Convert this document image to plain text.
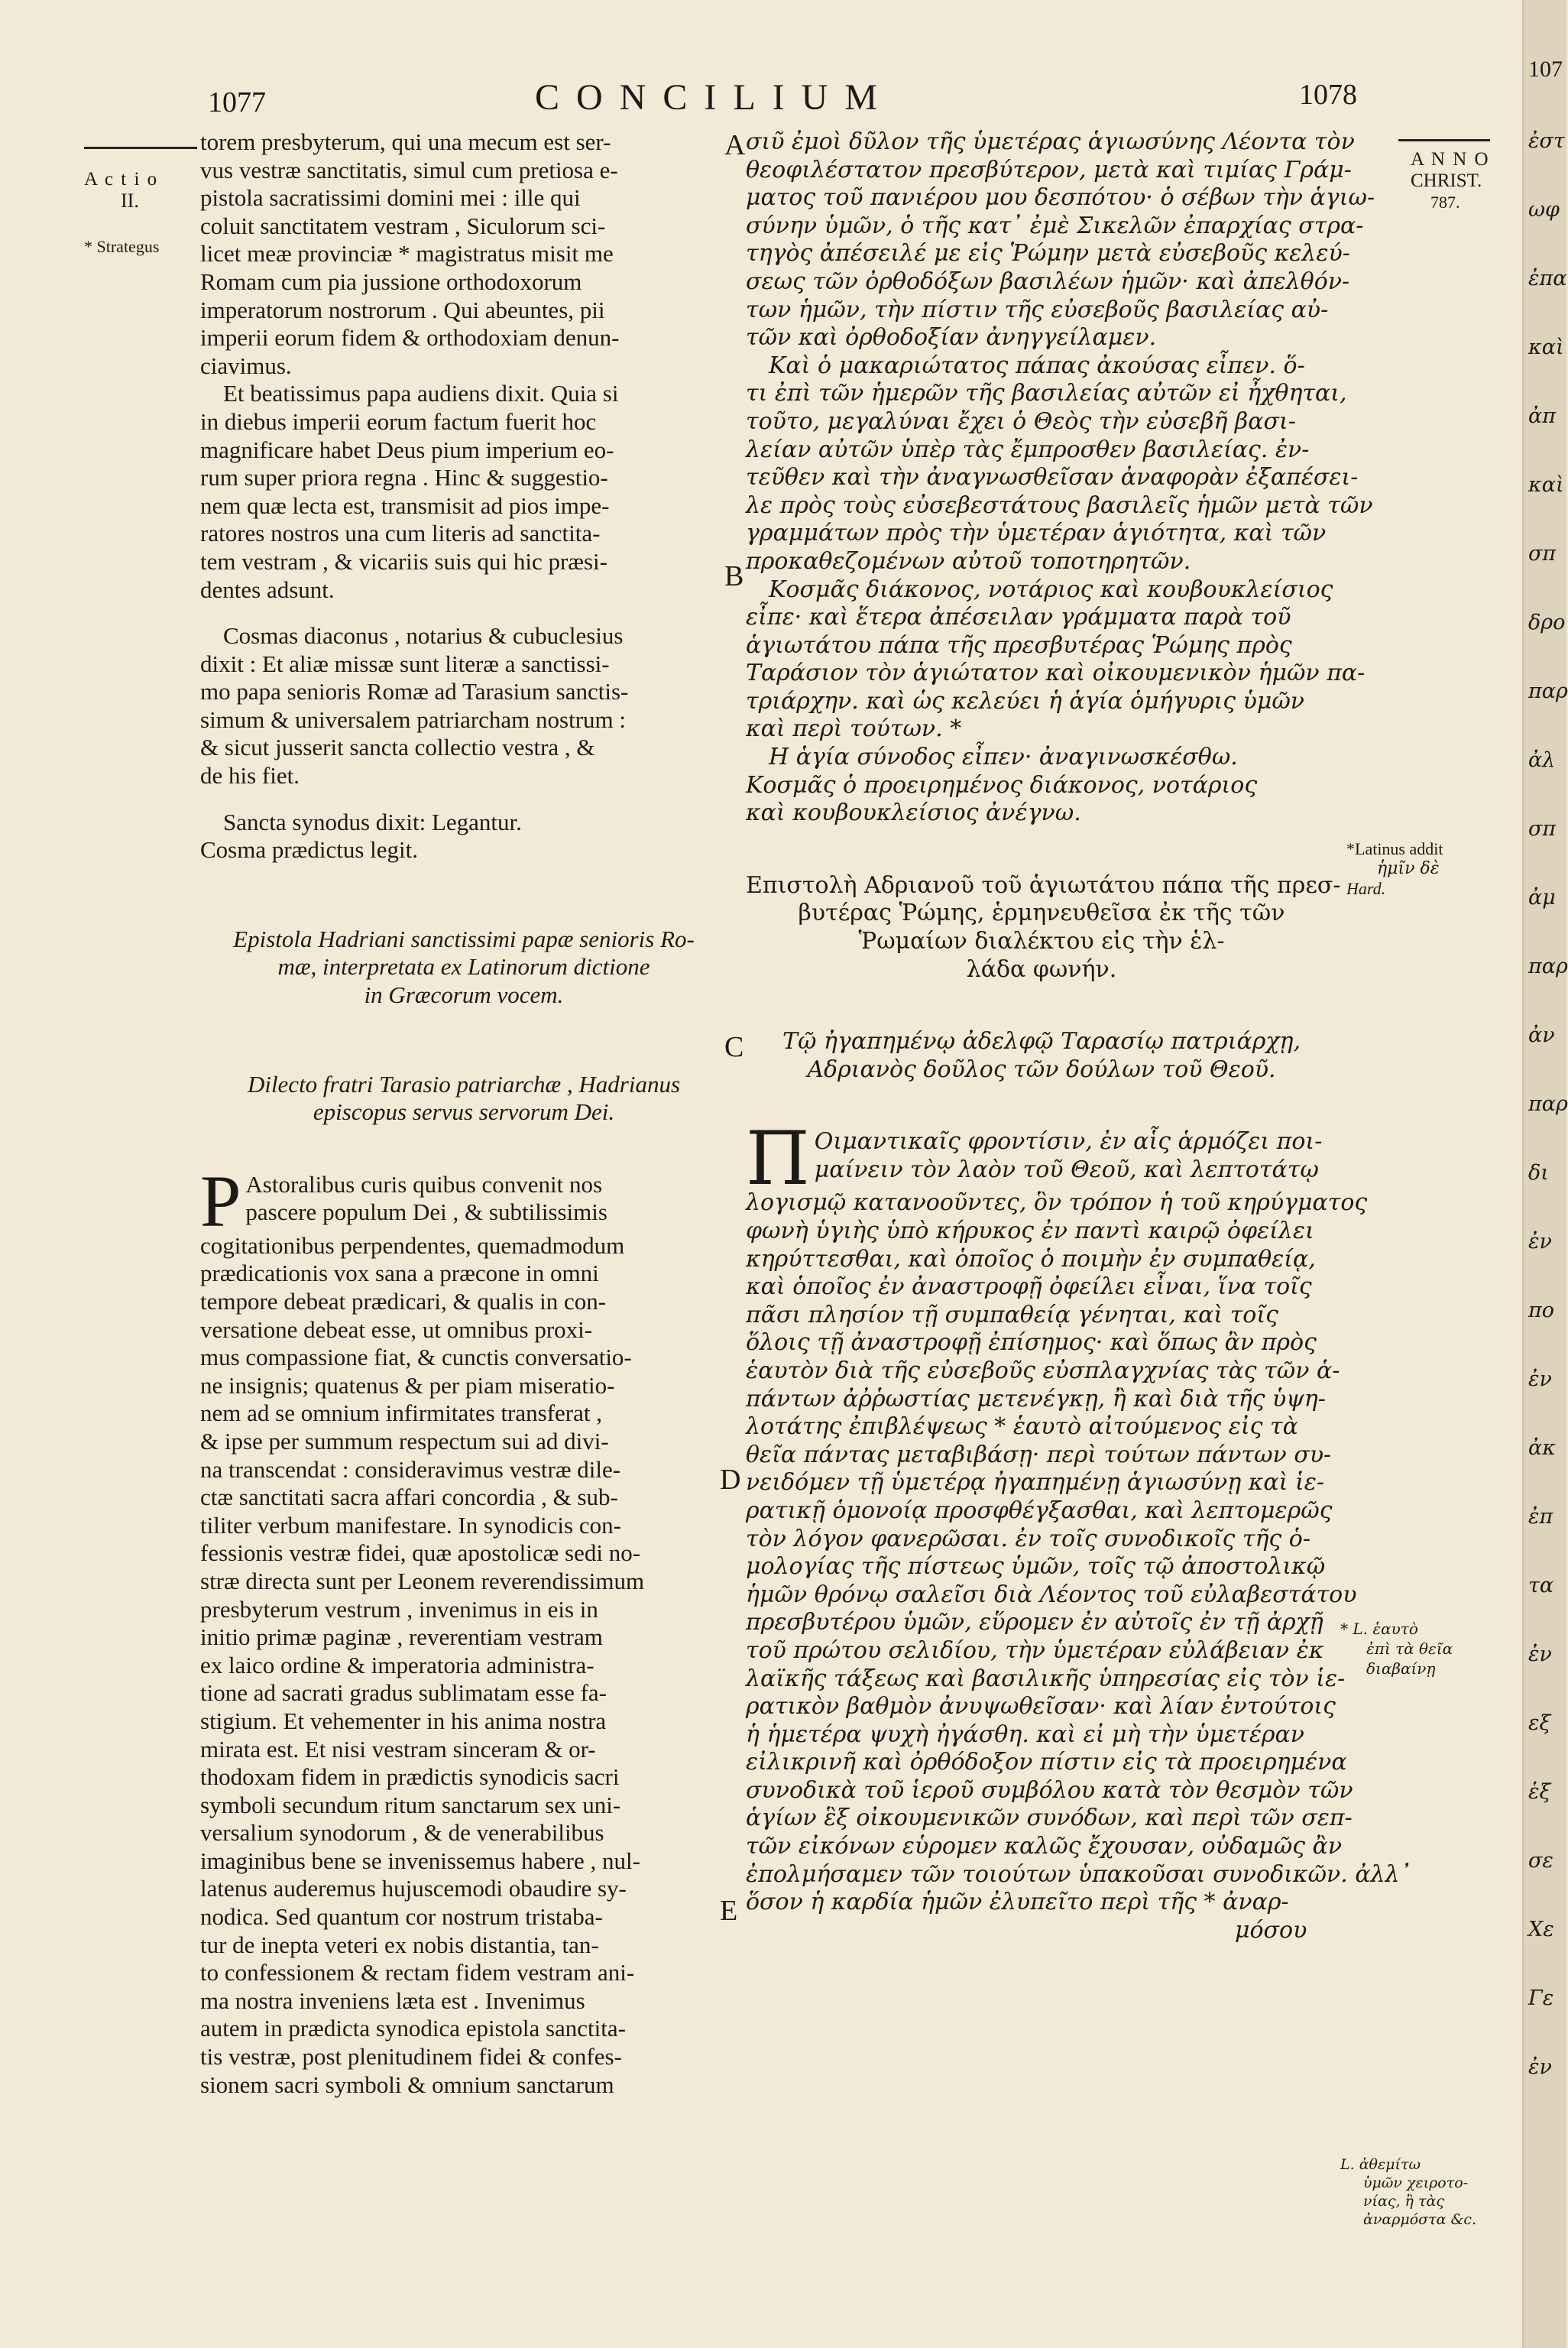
107
ἐστ
ωφ
ἐπα
καὶ
ἀπ
καὶ
σπ
δρο
παρ
ἀλ
σπ
ἀμ
παρ
ἀν
παρ
δι
ἐν
πο
ἐν
ἀκ
ἐπ
τα
ἐν
εξ
ἑξ
σε
Χε
Γε
ἐν
1077	CONCILIUM	1078
A c t i o
II.
* Strategus
A N N O
CHRIST.
787.
*Latinus addit
ἡμῖν δὲ
Hard.
* L. ἑαυτὸ
ἐπὶ τὰ θεῖα
διαβαίνῃ
L. ἀθεμίτω
ὑμῶν χειροτο-
νίας, ἢ τὰς
ἀναρμόστα &c.
A
B
C
D
E
torem presbyterum, qui una mecum est ser-
vus vestræ sanctitatis, simul cum pretiosa e-
pistola sacratissimi domini mei : ille qui
coluit sanctitatem vestram , Siculorum sci-
licet meæ provinciæ * magistratus misit me
Romam cum pia jussione orthodoxorum
imperatorum nostrorum . Qui abeuntes, pii
imperii eorum fidem & orthodoxiam denun-
ciavimus.
Et beatissimus papa audiens dixit. Quia si
in diebus imperii eorum factum fuerit hoc
magnificare habet Deus pium imperium eo-
rum super priora regna . Hinc & suggestio-
nem quæ lecta est, transmisit ad pios impe-
ratores nostros una cum literis ad sanctita-
tem vestram , & vicariis suis qui hic præsi-
dentes adsunt.
Cosmas diaconus , notarius & cubuclesius
dixit : Et aliæ missæ sunt literæ a sanctissi-
mo papa senioris Romæ ad Tarasium sanctis-
simum & universalem patriarcham nostrum :
& sicut jusserit sancta collectio vestra , &
de his fiet.
Sancta synodus dixit: Legantur.
Cosma prædictus legit.
Epistola Hadriani sanctissimi papæ senioris Ro-
mæ, interpretata ex Latinorum dictione
in Græcorum vocem.
Dilecto fratri Tarasio patriarchæ , Hadrianus
episcopus servus servorum Dei.
P Astoralibus curis quibus convenit nos
pascere populum Dei , & subtilissimis
cogitationibus perpendentes, quemadmodum
prædicationis vox sana a præcone in omni
tempore debeat prædicari, & qualis in con-
versatione debeat esse, ut omnibus proxi-
mus compassione fiat, & cunctis conversatio-
ne insignis; quatenus & per piam miseratio-
nem ad se omnium infirmitates transferat ,
& ipse per summum respectum sui ad divi-
na transcendat : consideravimus vestræ dile-
ctæ sanctitati sacra affari concordia , & sub-
tiliter verbum manifestare. In synodicis con-
fessionis vestræ fidei, quæ apostolicæ sedi no-
stræ directa sunt per Leonem reverendissimum
presbyterum vestrum , invenimus in eis in
initio primæ paginæ , reverentiam vestram
ex laico ordine & imperatoria administra-
tione ad sacrati gradus sublimatam esse fa-
stigium. Et vehementer in his anima nostra
mirata est. Et nisi vestram sinceram & or-
thodoxam fidem in prædictis synodicis sacri
symboli secundum ritum sanctarum sex uni-
versalium synodorum , & de venerabilibus
imaginibus bene se invenissemus habere , nul-
latenus auderemus hujuscemodi obaudire sy-
nodica. Sed quantum cor nostrum tristaba-
tur de inepta veteri ex nobis distantia, tan-
to confessionem & rectam fidem vestram ani-
ma nostra inveniens læta est . Invenimus
autem in prædicta synodica epistola sanctita-
tis vestræ, post plenitudinem fidei & confes-
sionem sacri symboli & omnium sanctarum
σιῦ ἐμοὶ δῦλον τῆς ὑμετέρας ἁγιωσύνης Λέοντα τὸν
θεοφιλέστατον πρεσβύτερον, μετὰ καὶ τιμίας Γράμ-
ματος τοῦ πανιέρου μου δεσπότου· ὁ σέβων τὴν ἁγιω-
σύνην ὑμῶν, ὁ τῆς κατ᾽ ἐμὲ Σικελῶν ἐπαρχίας στρα-
τηγὸς ἀπέσειλέ με εἰς Ῥώμην μετὰ εὐσεβοῦς κελεύ-
σεως τῶν ὀρθοδόξων βασιλέων ἡμῶν· καὶ ἀπελθόν-
των ἡμῶν, τὴν πίστιν τῆς εὐσεβοῦς βασιλείας αὐ-
τῶν καὶ ὀρθοδοξίαν ἀνηγγείλαμεν.
Καὶ ὁ μακαριώτατος πάπας ἀκούσας εἶπεν. ὅ-
τι ἐπὶ τῶν ἡμερῶν τῆς βασιλείας αὐτῶν εἰ ἦχθηται,
τοῦτο, μεγαλύναι ἔχει ὁ Θεὸς τὴν εὐσεβῆ βασι-
λείαν αὐτῶν ὑπὲρ τὰς ἔμπροσθεν βασιλείας. ἐν-
τεῦθεν καὶ τὴν ἀναγνωσθεῖσαν ἀναφορὰν ἐξαπέσει-
λε πρὸς τοὺς εὐσεβεστάτους βασιλεῖς ἡμῶν μετὰ τῶν
γραμμάτων πρὸς τὴν ὑμετέραν ἁγιότητα, καὶ τῶν
προκαθεζομένων αὐτοῦ τοποτηρητῶν.
Κοσμᾶς διάκονος, νοτάριος καὶ κουβουκλείσιος
εἶπε· καὶ ἕτερα ἀπέσειλαν γράμματα παρὰ τοῦ
ἁγιωτάτου πάπα τῆς πρεσβυτέρας Ῥώμης πρὸς
Ταράσιον τὸν ἁγιώτατον καὶ οἰκουμενικὸν ἡμῶν πα-
τριάρχην. καὶ ὡς κελεύει ἡ ἁγία ὁμήγυρις ὑμῶν
καὶ περὶ τούτων. *
Η ἁγία σύνοδος εἶπεν· ἀναγινωσκέσθω.
Κοσμᾶς ὁ προειρημένος διάκονος, νοτάριος
καὶ κουβουκλείσιος ἀνέγνω.
Επιστολὴ Αδριανοῦ τοῦ ἁγιωτάτου πάπα τῆς πρεσ-
βυτέρας Ῥώμης, ἑρμηνευθεῖσα ἐκ τῆς τῶν
Ῥωμαίων διαλέκτου εἰς τὴν ἑλ-
λάδα φωνήν.
Τῷ ἠγαπημένῳ ἀδελφῷ Ταρασίῳ πατριάρχῃ,
Αδριανὸς δοῦλος τῶν δούλων τοῦ Θεοῦ.
Π Οιμαντικαῖς φροντίσιν, ἐν αἷς ἁρμόζει ποι-
μαίνειν τὸν λαὸν τοῦ Θεοῦ, καὶ λεπτοτάτῳ
λογισμῷ κατανοοῦντες, ὃν τρόπον ἡ τοῦ κηρύγματος
φωνὴ ὑγιὴς ὑπὸ κήρυκος ἐν παντὶ καιρῷ ὀφείλει
κηρύττεσθαι, καὶ ὁποῖος ὁ ποιμὴν ἐν συμπαθείᾳ,
καὶ ὁποῖος ἐν ἀναστροφῇ ὀφείλει εἶναι, ἵνα τοῖς
πᾶσι πλησίον τῇ συμπαθείᾳ γένηται, καὶ τοῖς
ὅλοις τῇ ἀναστροφῇ ἐπίσημος· καὶ ὅπως ἂν πρὸς
ἑαυτὸν διὰ τῆς εὐσεβοῦς εὐσπλαγχνίας τὰς τῶν ἁ-
πάντων ἀῤῥωστίας μετενέγκῃ, ἢ καὶ διὰ τῆς ὑψη-
λοτάτης ἐπιβλέψεως * ἑαυτὸ αἰτούμενος εἰς τὰ
θεῖα πάντας μεταβιβάσῃ· περὶ τούτων πάντων συ-
νειδόμεν τῇ ὑμετέρᾳ ἠγαπημένῃ ἁγιωσύνῃ καὶ ἱε-
ρατικῇ ὁμονοίᾳ προσφθέγξασθαι, καὶ λεπτομερῶς
τὸν λόγον φανερῶσαι. ἐν τοῖς συνοδικοῖς τῆς ὁ-
μολογίας τῆς πίστεως ὑμῶν, τοῖς τῷ ἀποστολικῷ
ἡμῶν θρόνῳ σαλεῖσι διὰ Λέοντος τοῦ εὐλαβεστάτου
πρεσβυτέρου ὑμῶν, εὕρομεν ἐν αὐτοῖς ἐν τῇ ἀρχῇ
τοῦ πρώτου σελιδίου, τὴν ὑμετέραν εὐλάβειαν ἐκ
λαϊκῆς τάξεως καὶ βασιλικῆς ὑπηρεσίας εἰς τὸν ἱε-
ρατικὸν βαθμὸν ἀνυψωθεῖσαν· καὶ λίαν ἐντούτοις
ἡ ἡμετέρα ψυχὴ ἠγάσθη. καὶ εἰ μὴ τὴν ὑμετέραν
εἰλικρινῆ καὶ ὀρθόδοξον πίστιν εἰς τὰ προειρημένα
συνοδικὰ τοῦ ἱεροῦ συμβόλου κατὰ τὸν θεσμὸν τῶν
ἁγίων ἓξ οἰκουμενικῶν συνόδων, καὶ περὶ τῶν σεπ-
τῶν εἰκόνων εὑρομεν καλῶς ἔχουσαν, οὐδαμῶς ἂν
ἐπολμήσαμεν τῶν τοιούτων ὑπακοῦσαι συνοδικῶν. ἀλλ᾽
ὅσον ἡ καρδία ἡμῶν ἐλυπεῖτο περὶ τῆς * ἀναρ-
μόσου
